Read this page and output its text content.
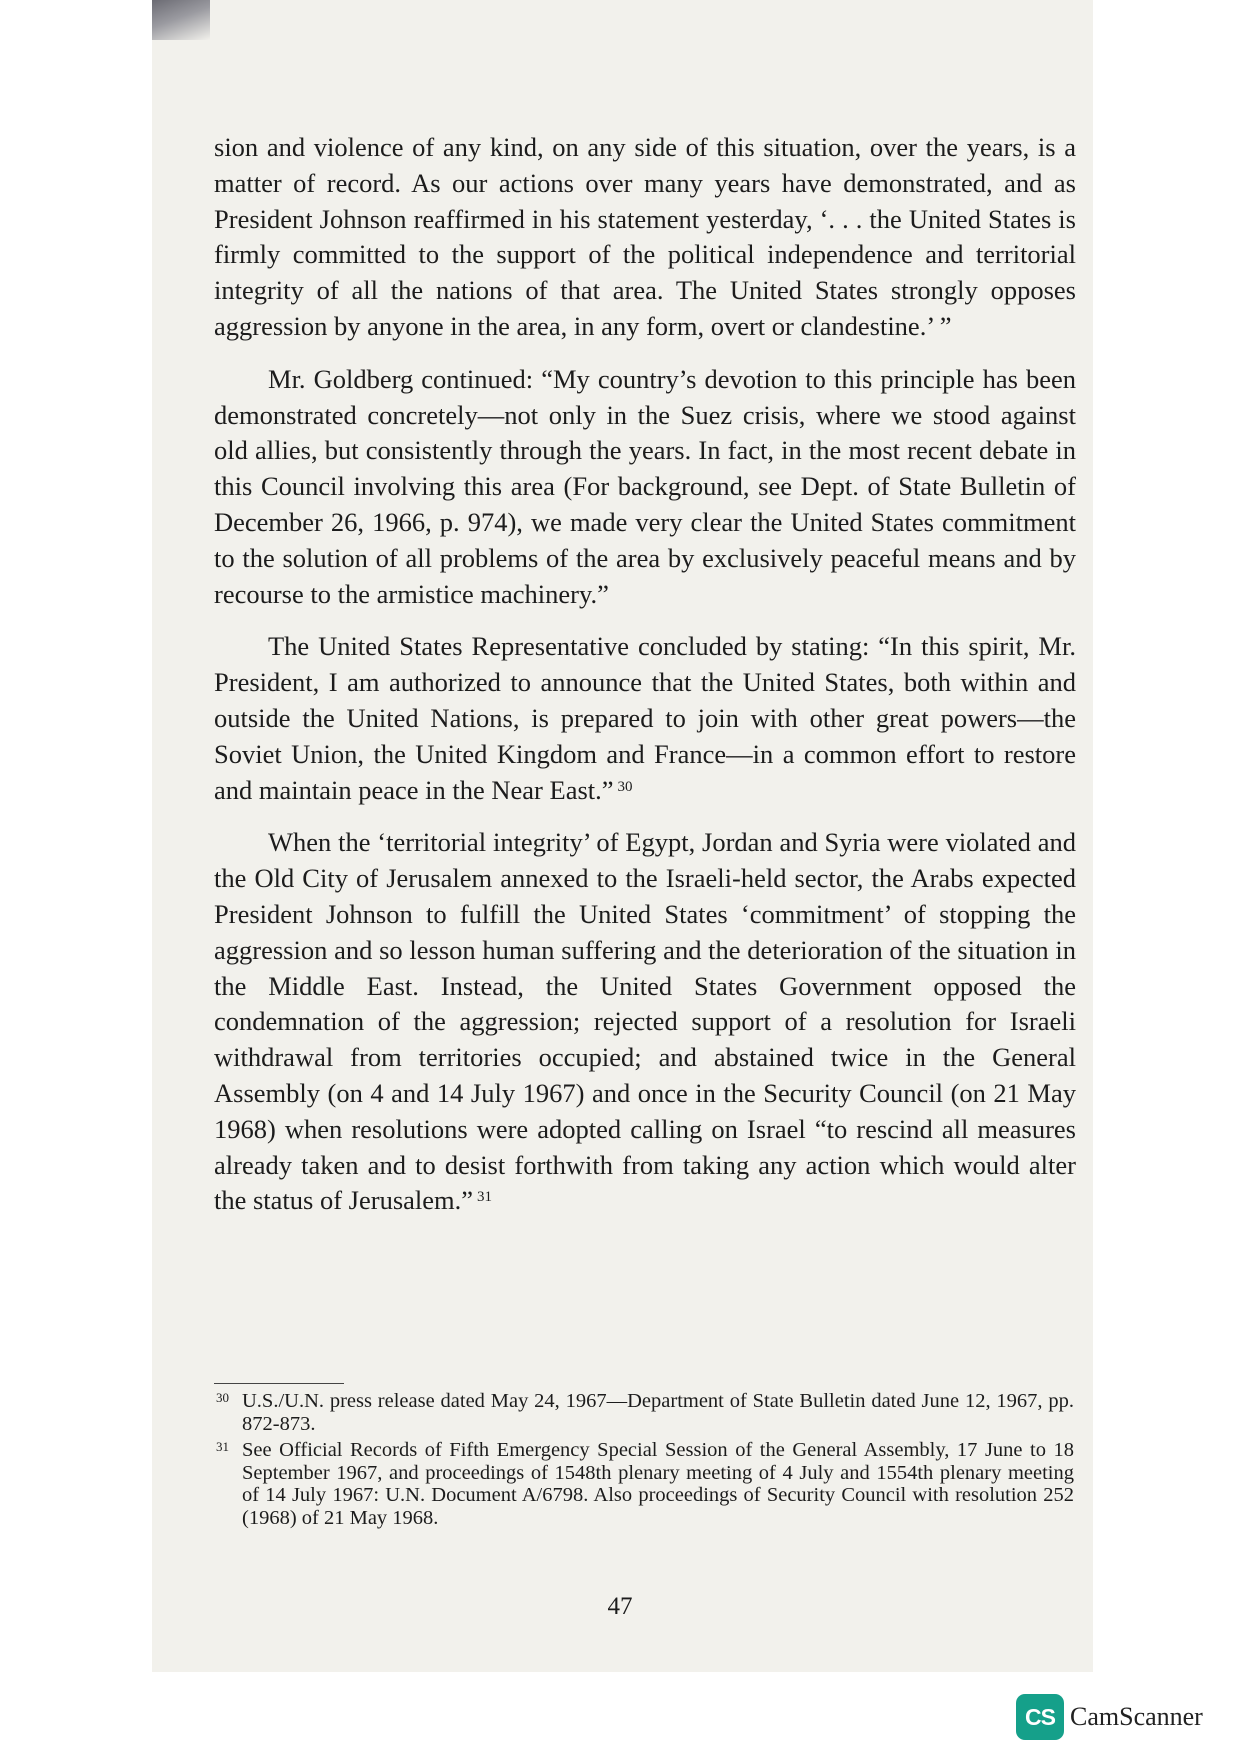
sion and violence of any kind, on any side of this situation, over the years, is a matter of record. As our actions over many years have demonstrated, and as President Johnson reaffirmed in his statement yesterday, ‘. . . the United States is firmly committed to the support of the political independence and territorial integrity of all the nations of that area. The United States strongly opposes aggression by anyone in the area, in any form, overt or clandestine.’ ”

Mr. Goldberg continued: “My country’s devotion to this principle has been demonstrated concretely—not only in the Suez crisis, where we stood against old allies, but consistently through the years. In fact, in the most recent debate in this Council involving this area (For background, see Dept. of State Bulletin of December 26, 1966, p. 974), we made very clear the United States commitment to the solution of all problems of the area by exclusively peaceful means and by recourse to the armistice machinery.”

The United States Representative concluded by stating: “In this spirit, Mr. President, I am authorized to announce that the United States, both within and outside the United Nations, is prepared to join with other great powers—the Soviet Union, the United Kingdom and France—in a common effort to restore and maintain peace in the Near East.” $^{30}$

When the ‘territorial integrity’ of Egypt, Jordan and Syria were violated and the Old City of Jerusalem annexed to the Israeli-held sector, the Arabs expected President Johnson to fulfill the United States ‘commitment’ of stopping the aggression and so lesson human suffering and the deterioration of the situation in the Middle East. Instead, the United States Government opposed the condemnation of the aggression; rejected support of a resolution for Israeli withdrawal from territories occupied; and abstained twice in the General Assembly (on 4 and 14 July 1967) and once in the Security Council (on 21 May 1968) when resolutions were adopted calling on Israel “to rescind all measures already taken and to desist forthwith from taking any action which would alter the status of Jerusalem.” $^{31}$

30 U.S./U.N. press release dated May 24, 1967—Department of State Bulletin dated June 12, 1967, pp. 872-873.
31 See Official Records of Fifth Emergency Special Session of the General Assembly, 17 June to 18 September 1967, and proceedings of 1548th plenary meeting of 4 July and 1554th plenary meeting of 14 July 1967: U.N. Document A/6798. Also proceedings of Security Council with resolution 252 (1968) of 21 May 1968.
47
CS CamScanner
